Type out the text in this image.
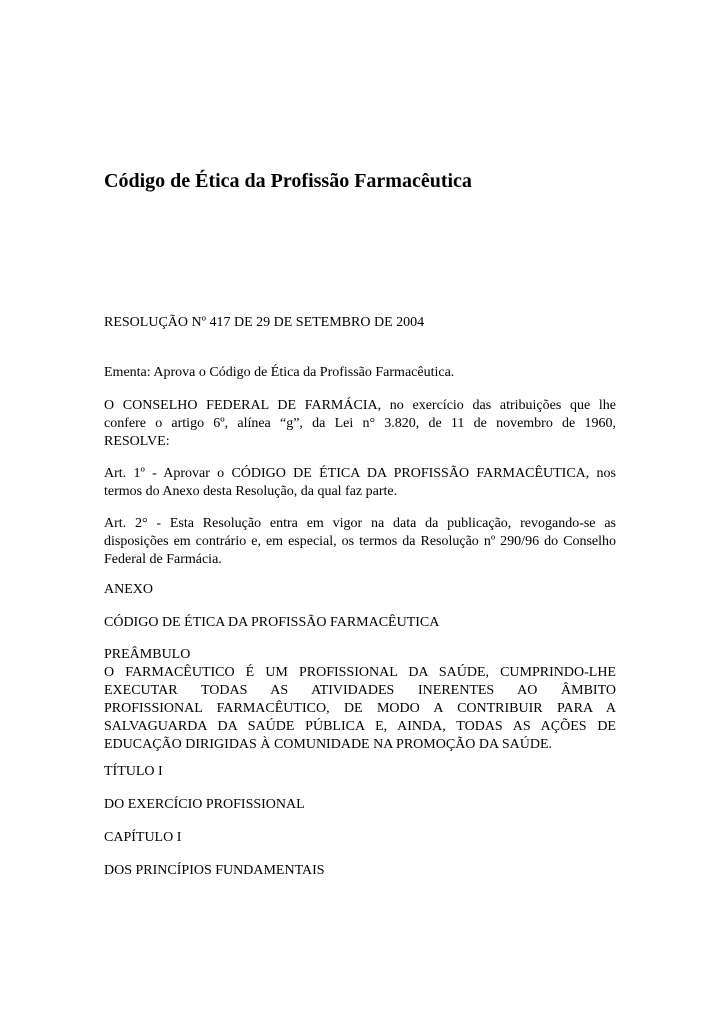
Código de Ética da Profissão Farmacêutica

RESOLUÇÃO Nº 417 DE 29 DE SETEMBRO DE 2004

Ementa: Aprova o Código de Ética da Profissão Farmacêutica.

O CONSELHO FEDERAL DE FARMÁCIA, no exercício das atribuições que lhe
confere o artigo 6º, alínea “g”, da Lei n° 3.820, de 11 de novembro de 1960,
RESOLVE:
Art. 1º - Aprovar o CÓDIGO DE ÉTICA DA PROFISSÃO FARMACÊUTICA, nos
termos do Anexo desta Resolução, da qual faz parte.
Art. 2° - Esta Resolução entra em vigor na data da publicação, revogando-se as
disposições em contrário e, em especial, os termos da Resolução nº 290/96 do Conselho
Federal de Farmácia.

ANEXO

CÓDIGO DE ÉTICA DA PROFISSÃO FARMACÊUTICA

PREÂMBULO
O FARMACÊUTICO É UM PROFISSIONAL DA SAÚDE, CUMPRINDO-LHE
EXECUTAR TODAS AS ATIVIDADES INERENTES AO ÂMBITO
PROFISSIONAL FARMACÊUTICO, DE MODO A CONTRIBUIR PARA A
SALVAGUARDA DA SAÚDE PÚBLICA E, AINDA, TODAS AS AÇÕES DE
EDUCAÇÃO DIRIGIDAS À COMUNIDADE NA PROMOÇÃO DA SAÚDE.

TÍTULO I

DO EXERCÍCIO PROFISSIONAL

CAPÍTULO I

DOS PRINCÍPIOS FUNDAMENTAIS
